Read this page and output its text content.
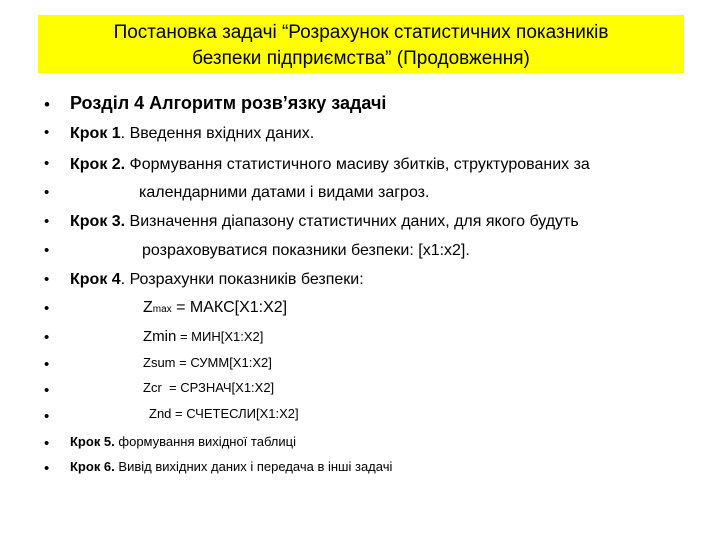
Постановка задачі “Розрахунок статистичних показників
безпеки підприємства” (Продовження)
• Розділ 4 Алгоритм розв’язку задачі
• Крок 1. Введення вхідних даних.
• Крок 2. Формування статистичного масиву збитків, структурованих за
•	календарними датами і видами загроз.
• Крок 3. Визначення діапазону статистичних даних, для якого будуть
•	розраховуватися показники безпеки: [x1:x2].
• Крок 4. Розрахунки показників безпеки:
•	Zmax = МАКС[X1:X2]
•	Zmin = МИН[X1:X2]
•	Zsum = СУММ[X1:X2]
•	Zcr  = СРЗНАЧ[X1:X2]
•	Znd = СЧЕТЕСЛИ[X1:X2]
• Крок 5. формування вихідної таблиці
• Крок 6. Вивід вихідних даних і передача в інші задачі
